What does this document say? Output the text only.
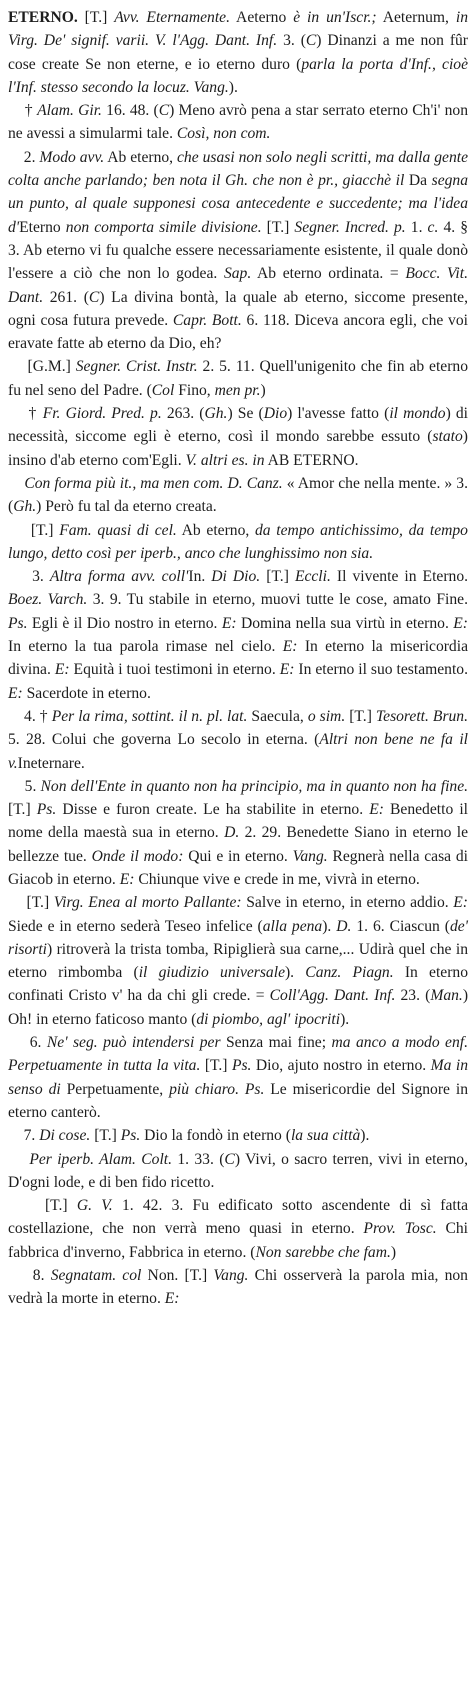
ETERNO. [T.] Avv. Eternamente. Aeterno è in un'Iscr.; Aeternum, in Virg. De' signif. varii. V. l'Agg. Dant. Inf. 3. (C) Dinanzi a me non fûr cose create Se non eterne, e io eterno duro (parla la porta d'Inf., cioè l'Inf. stesso secondo la locuz. Vang.).

† Alam. Gir. 16. 48. (C) Meno avrò pena a star serrato eterno Ch'i' non ne avessi a simularmi tale. Così, non com.

2. Modo avv. Ab eterno, che usasi non solo negli scritti, ma dalla gente colta anche parlando; ben nota il Gh. che non è pr., giacchè il Da segna un punto, al quale supponesi cosa antecedente e succedente; ma l'idea d'Eterno non comporta simile divisione. [T.] Segner. Incred. p. 1. c. 4. § 3. Ab eterno vi fu qualche essere necessariamente esistente, il quale donò l'essere a ciò che non lo godea. Sap. Ab eterno ordinata. = Bocc. Vit. Dant. 261. (C) La divina bontà, la quale ab eterno, siccome presente, ogni cosa futura prevede. Capr. Bott. 6. 118. Diceva ancora egli, che voi eravate fatte ab eterno da Dio, eh?

[G.M.] Segner. Crist. Instr. 2. 5. 11. Quell'unigenito che fin ab eterno fu nel seno del Padre. (Col Fino, men pr.)

† Fr. Giord. Pred. p. 263. (Gh.) Se (Dio) l'avesse fatto (il mondo) di necessità, siccome egli è eterno, così il mondo sarebbe essuto (stato) insino d'ab eterno com'Egli. V. altri es. in AB ETERNO.

Con forma più it., ma men com. D. Canz. « Amor che nella mente. » 3. (Gh.) Però fu tal da eterno creata.

[T.] Fam. quasi di cel. Ab eterno, da tempo antichissimo, da tempo lungo, detto così per iperb., anco che lunghissimo non sia.

3. Altra forma avv. coll'In. Di Dio. [T.] Eccli. Il vivente in Eterno. Boez. Varch. 3. 9. Tu stabile in eterno, muovi tutte le cose, amato Fine. Ps. Egli è il Dio nostro in eterno. E: Domina nella sua virtù in eterno. E: In eterno la tua parola rimase nel cielo. E: In eterno la misericordia divina. E: Equità i tuoi testimoni in eterno. E: In eterno il suo testamento. E: Sacerdote in eterno.

4. † Per la rima, sottint. il n. pl. lat. Saecula, o sim. [T.] Tesorett. Brun. 5. 28. Colui che governa Lo secolo in eterna. (Altri non bene ne fa il v.Ineternare.

5. Non dell'Ente in quanto non ha principio, ma in quanto non ha fine. [T.] Ps. Disse e furon create. Le ha stabilite in eterno. E: Benedetto il nome della maestà sua in eterno. D. 2. 29. Benedette Siano in eterno le bellezze tue. Onde il modo: Qui e in eterno. Vang. Regnerà nella casa di Giacob in eterno. E: Chiunque vive e crede in me, vivrà in eterno.

[T.] Virg. Enea al morto Pallante: Salve in eterno, in eterno addio. E: Siede e in eterno sederà Teseo infelice (alla pena). D. 1. 6. Ciascun (de' risorti) ritroverà la trista tomba, Ripiglierà sua carne,... Udirà quel che in eterno rimbomba (il giudizio universale). Canz. Piagn. In eterno confinati Cristo v' ha da chi gli crede. = Coll'Agg. Dant. Inf. 23. (Man.) Oh! in eterno faticoso manto (di piombo, agl' ipocriti).

6. Ne' seg. può intendersi per Senza mai fine; ma anco a modo enf. Perpetuamente in tutta la vita. [T.] Ps. Dio, ajuto nostro in eterno. Ma in senso di Perpetuamente, più chiaro. Ps. Le misericordie del Signore in eterno canterò.

7. Di cose. [T.] Ps. Dio la fondò in eterno (la sua città).

Per iperb. Alam. Colt. 1. 33. (C) Vivi, o sacro terren, vivi in eterno, D'ogni lode, e di ben fido ricetto.

[T.] G. V. 1. 42. 3. Fu edificato sotto ascendente di sì fatta costellazione, che non verrà meno quasi in eterno. Prov. Tosc. Chi fabbrica d'inverno, Fabbrica in eterno. (Non sarebbe che fam.)

8. Segnatam. col Non. [T.] Vang. Chi osserverà la parola mia, non vedrà la morte in eterno. E:
